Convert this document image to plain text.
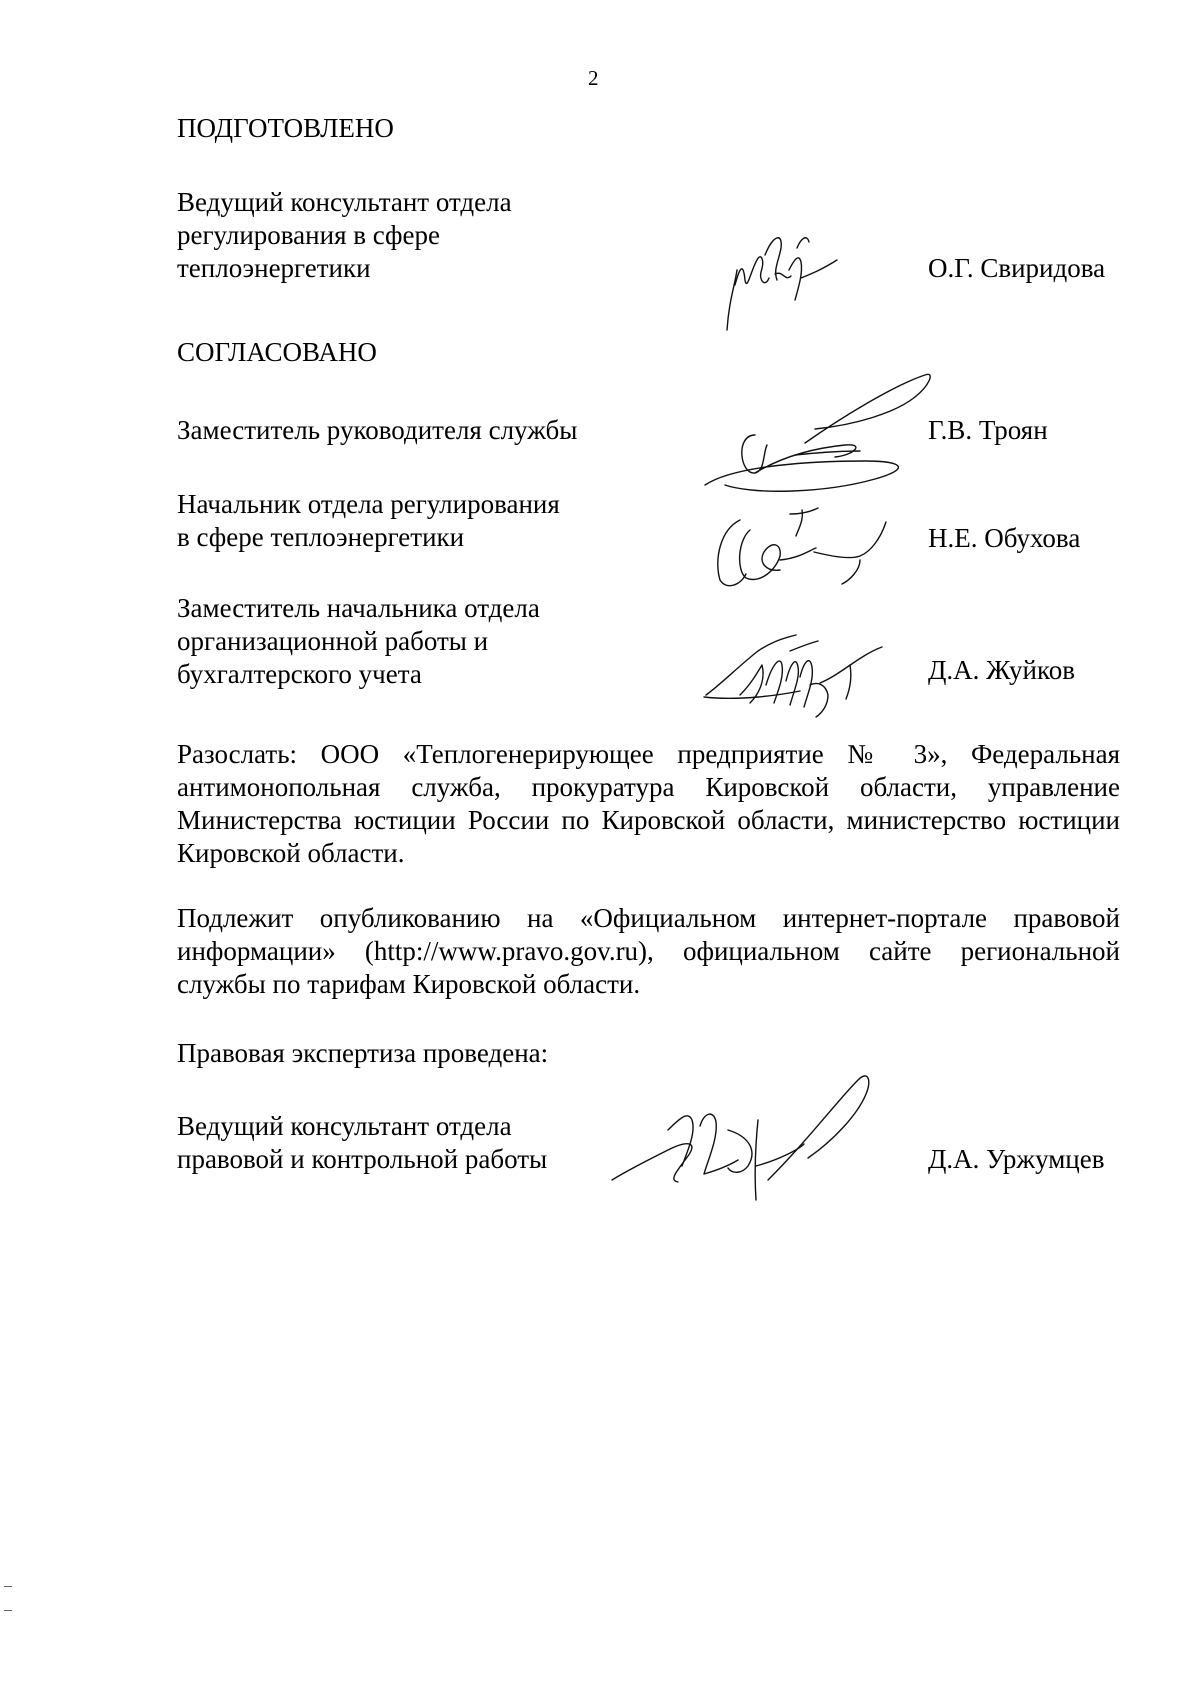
2
ПОДГОТОВЛЕНО
Ведущий консультант отдела
регулирования в сфере
теплоэнергетики	О.Г. Свиридова
СОГЛАСОВАНО
Заместитель руководителя службы	Г.В. Троян
Начальник отдела регулирования
в сфере теплоэнергетики	Н.Е. Обухова
Заместитель начальника отдела
организационной работы и
бухгалтерского учета	Д.А. Жуйков
Разослать: ООО «Теплогенерирующее предприятие № 3», Федеральная антимонопольная служба, прокуратура Кировской области, управление Министерства юстиции России по Кировской области, министерство юстиции Кировской области.
Подлежит опубликованию на «Официальном интернет-портале правовой информации» (http://www.pravo.gov.ru), официальном сайте региональной службы по тарифам Кировской области.
Правовая экспертиза проведена:
Ведущий консультант отдела
правовой и контрольной работы	Д.А. Уржумцев
